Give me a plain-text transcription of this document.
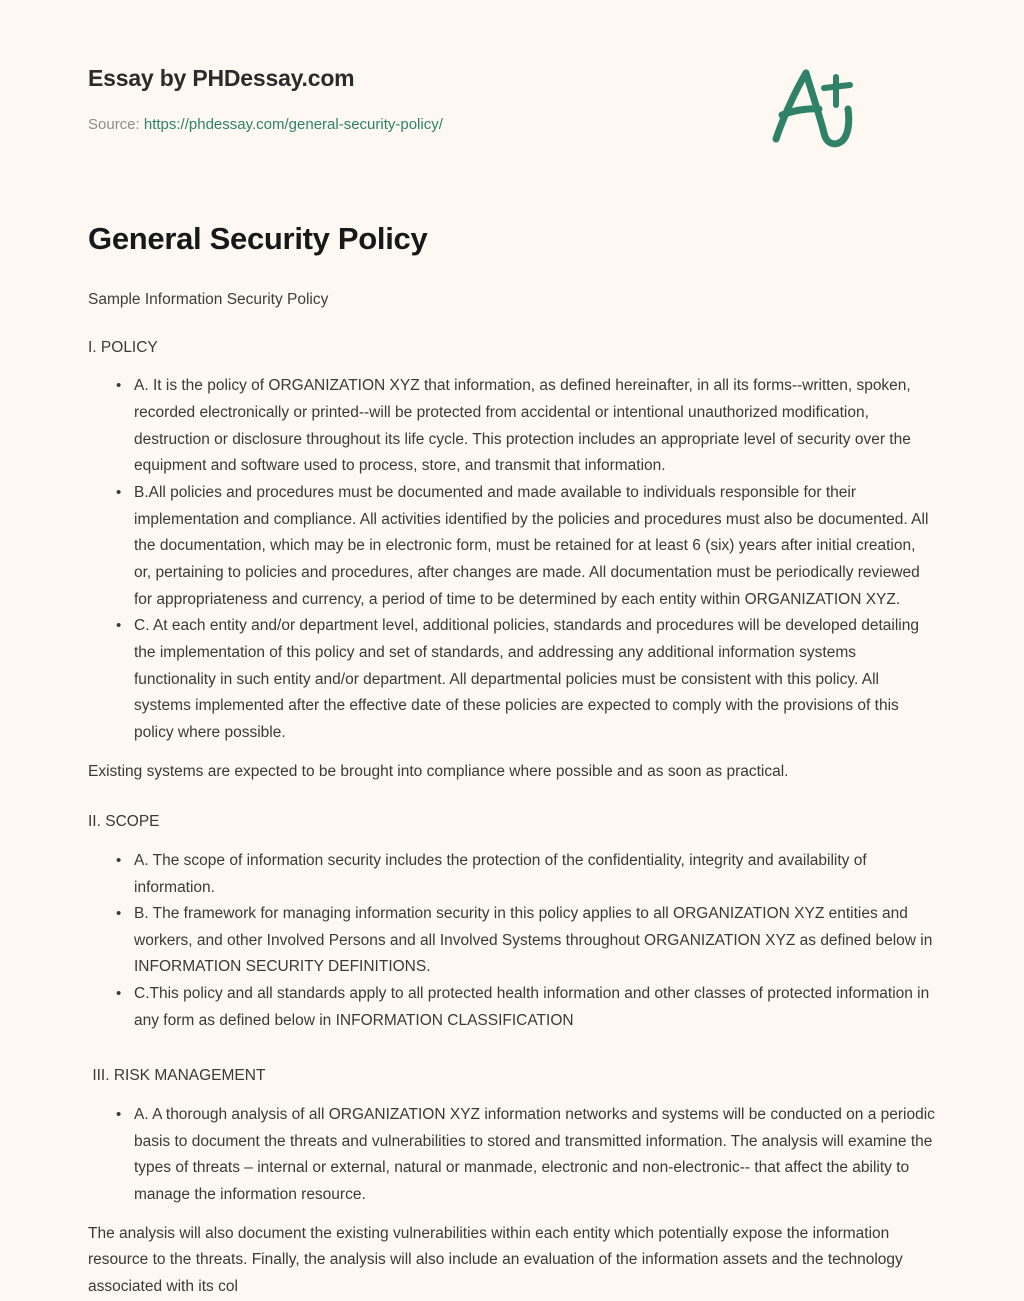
Essay by PHDessay.com
Source: https://phdessay.com/general-security-policy/
General Security Policy
Sample Information Security Policy
I. POLICY
• A. It is the policy of ORGANIZATION XYZ that information, as defined hereinafter, in all its forms--written, spoken, recorded electronically or printed--will be protected from accidental or intentional unauthorized modification, destruction or disclosure throughout its life cycle. This protection includes an appropriate level of security over the equipment and software used to process, store, and transmit that information.
• B.All policies and procedures must be documented and made available to individuals responsible for their implementation and compliance. All activities identified by the policies and procedures must also be documented. All the documentation, which may be in electronic form, must be retained for at least 6 (six) years after initial creation, or, pertaining to policies and procedures, after changes are made. All documentation must be periodically reviewed for appropriateness and currency, a period of time to be determined by each entity within ORGANIZATION XYZ.
• C. At each entity and/or department level, additional policies, standards and procedures will be developed detailing the implementation of this policy and set of standards, and addressing any additional information systems functionality in such entity and/or department. All departmental policies must be consistent with this policy. All systems implemented after the effective date of these policies are expected to comply with the provisions of this policy where possible.

Existing systems are expected to be brought into compliance where possible and as soon as practical.

II. SCOPE
• A. The scope of information security includes the protection of the confidentiality, integrity and availability of information.
• B. The framework for managing information security in this policy applies to all ORGANIZATION XYZ entities and workers, and other Involved Persons and all Involved Systems throughout ORGANIZATION XYZ as defined below in INFORMATION SECURITY DEFINITIONS.
• C.This policy and all standards apply to all protected health information and other classes of protected information in any form as defined below in INFORMATION CLASSIFICATION
III. RISK MANAGEMENT
• A. A thorough analysis of all ORGANIZATION XYZ information networks and systems will be conducted on a periodic basis to document the threats and vulnerabilities to stored and transmitted information. The analysis will examine the types of threats – internal or external, natural or manmade, electronic and non-electronic-- that affect the ability to manage the information resource.

The analysis will also document the existing vulnerabilities within each entity which potentially expose the information resource to the threats. Finally, the analysis will also include an evaluation of the information assets and the technology associated with its col
